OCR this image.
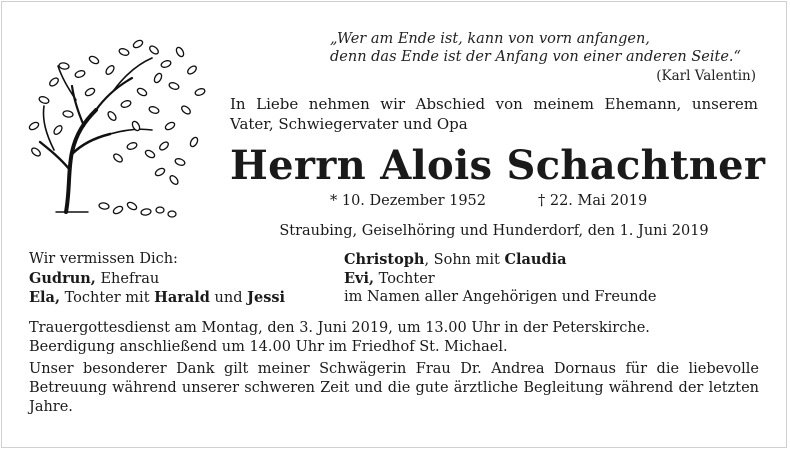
„Wer am Ende ist, kann von vorn anfangen,
denn das Ende ist der Anfang von einer anderen Seite.“
(Karl Valentin)
In Liebe nehmen wir Abschied von meinem Ehemann, unserem Vater, Schwiegervater und Opa
Herrn Alois Schachtner
* 10. Dezember 1952	† 22. Mai 2019
Straubing, Geiselhöring und Hunderdorf, den 1. Juni 2019
Wir vermissen Dich:
Gudrun, Ehefrau
Ela, Tochter mit Harald und Jessi
Christoph, Sohn mit Claudia
Evi, Tochter
im Namen aller Angehörigen und Freunde
Trauergottesdienst am Montag, den 3. Juni 2019, um 13.00 Uhr in der Peterskirche.
Beerdigung anschließend um 14.00 Uhr im Friedhof St. Michael.
Unser besonderer Dank gilt meiner Schwägerin Frau Dr. Andrea Dornaus für die liebevolle Betreuung während unserer schweren Zeit und die gute ärztliche Begleitung während der letzten Jahre.
